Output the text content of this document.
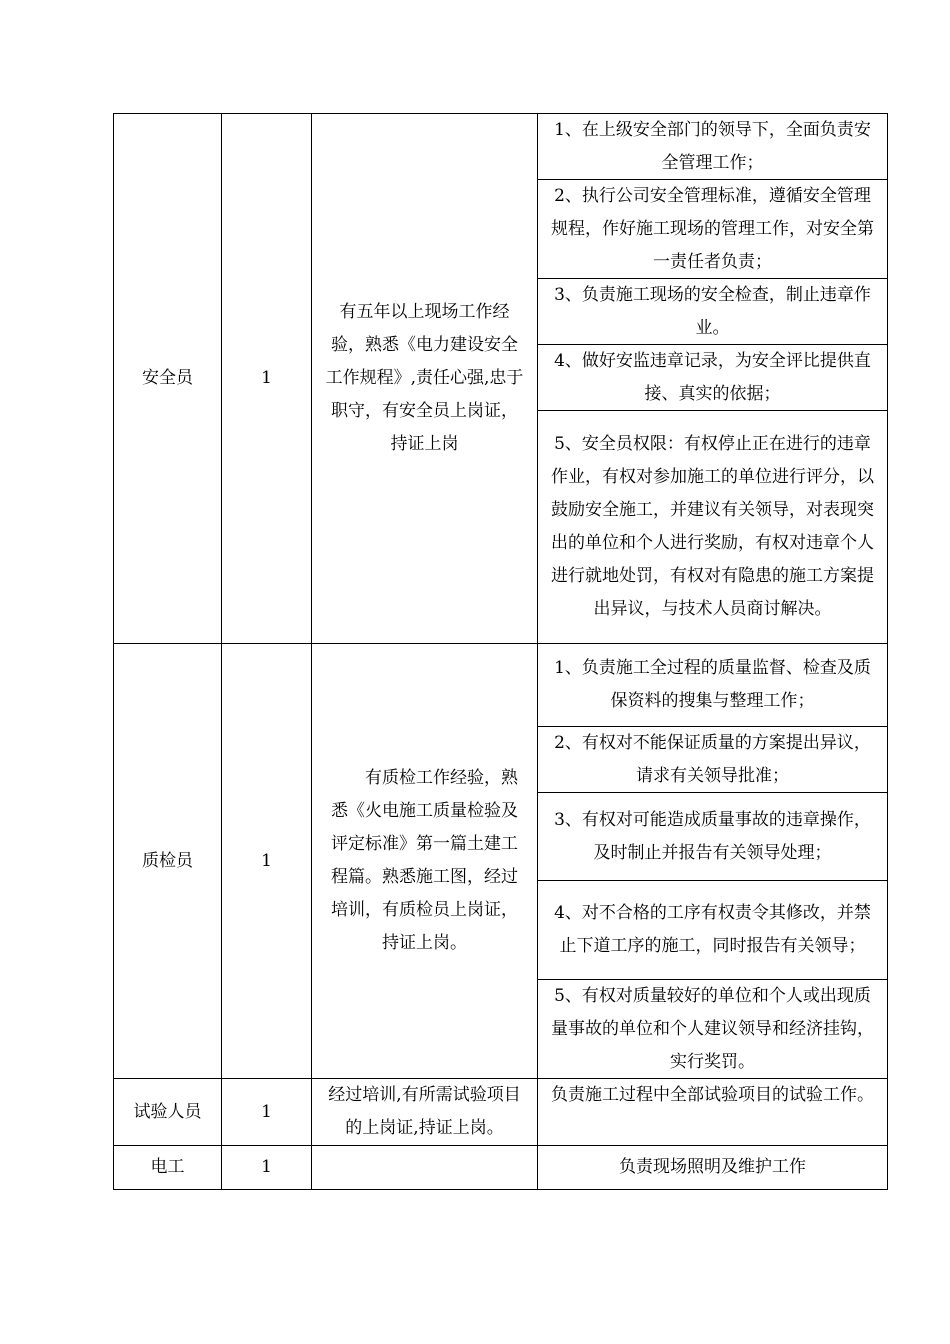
安全员	1	有五年以上现场工作经验，熟悉《电力建设安全工作规程》,责任心强,忠于职守，有安全员上岗证，持证上岗	1、在上级安全部门的领导下，全面负责安全管理工作；
2、执行公司安全管理标准，遵循安全管理规程，作好施工现场的管理工作，对安全第一责任者负责；
3、负责施工现场的安全检查，制止违章作业。
4、做好安监违章记录，为安全评比提供直接、真实的依据；
5、安全员权限：有权停止正在进行的违章作业，有权对参加施工的单位进行评分，以鼓励安全施工，并建议有关领导，对表现突出的单位和个人进行奖励，有权对违章个人进行就地处罚，有权对有隐患的施工方案提出异议，与技术人员商讨解决。

质检员	1	有质检工作经验，熟悉《火电施工质量检验及评定标准》第一篇土建工程篇。熟悉施工图，经过培训，有质检员上岗证，持证上岗。	1、负责施工全过程的质量监督、检查及质保资料的搜集与整理工作；
2、有权对不能保证质量的方案提出异议，请求有关领导批准；
3、有权对可能造成质量事故的违章操作，及时制止并报告有关领导处理；
4、对不合格的工序有权责令其修改，并禁止下道工序的施工，同时报告有关领导；
5、有权对质量较好的单位和个人或出现质量事故的单位和个人建议领导和经济挂钩，实行奖罚。

试验人员	1	经过培训,有所需试验项目的上岗证,持证上岗。	负责施工过程中全部试验项目的试验工作。
电工	1		负责现场照明及维护工作
